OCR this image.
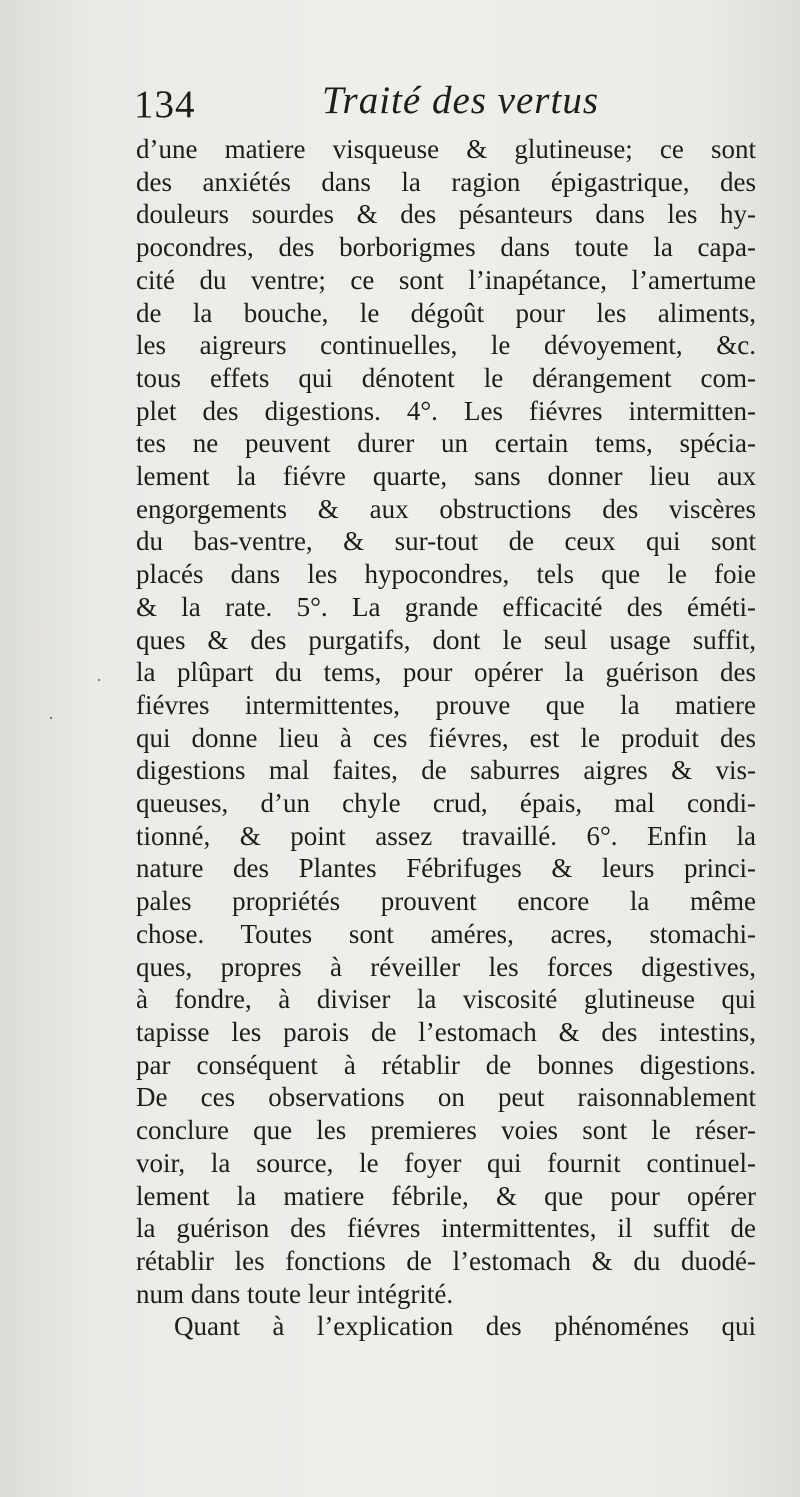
134	Traité des vertus
·
·
d’une matiere visqueuse & glutineuse; ce sont
des anxiétés dans la ragion épigastrique, des
douleurs sourdes & des pésanteurs dans les hy-
pocondres, des borborigmes dans toute la capa-
cité du ventre; ce sont l’inapétance, l’amertume
de la bouche, le dégoût pour les aliments,
les aigreurs continuelles, le dévoyement, &c.
tous effets qui dénotent le dérangement com-
plet des digestions. 4°. Les fiévres intermitten-
tes ne peuvent durer un certain tems, spécia-
lement la fiévre quarte, sans donner lieu aux
engorgements & aux obstructions des viscères
du bas-ventre, & sur-tout de ceux qui sont
placés dans les hypocondres, tels que le foie
& la rate. 5°. La grande efficacité des éméti-
ques & des purgatifs, dont le seul usage suffit,
la plûpart du tems, pour opérer la guérison des
fiévres intermittentes, prouve que la matiere
qui donne lieu à ces fiévres, est le produit des
digestions mal faites, de saburres aigres & vis-
queuses, d’un chyle crud, épais, mal condi-
tionné, & point assez travaillé. 6°. Enfin la
nature des Plantes Fébrifuges & leurs princi-
pales propriétés prouvent encore la même
chose. Toutes sont améres, acres, stomachi-
ques, propres à réveiller les forces digestives,
à fondre, à diviser la viscosité glutineuse qui
tapisse les parois de l’estomach & des intestins,
par conséquent à rétablir de bonnes digestions.
De ces observations on peut raisonnablement
conclure que les premieres voies sont le réser-
voir, la source, le foyer qui fournit continuel-
lement la matiere fébrile, & que pour opérer
la guérison des fiévres intermittentes, il suffit de
rétablir les fonctions de l’estomach & du duodé-
num dans toute leur intégrité.
Quant à l’explication des phénoménes qui
